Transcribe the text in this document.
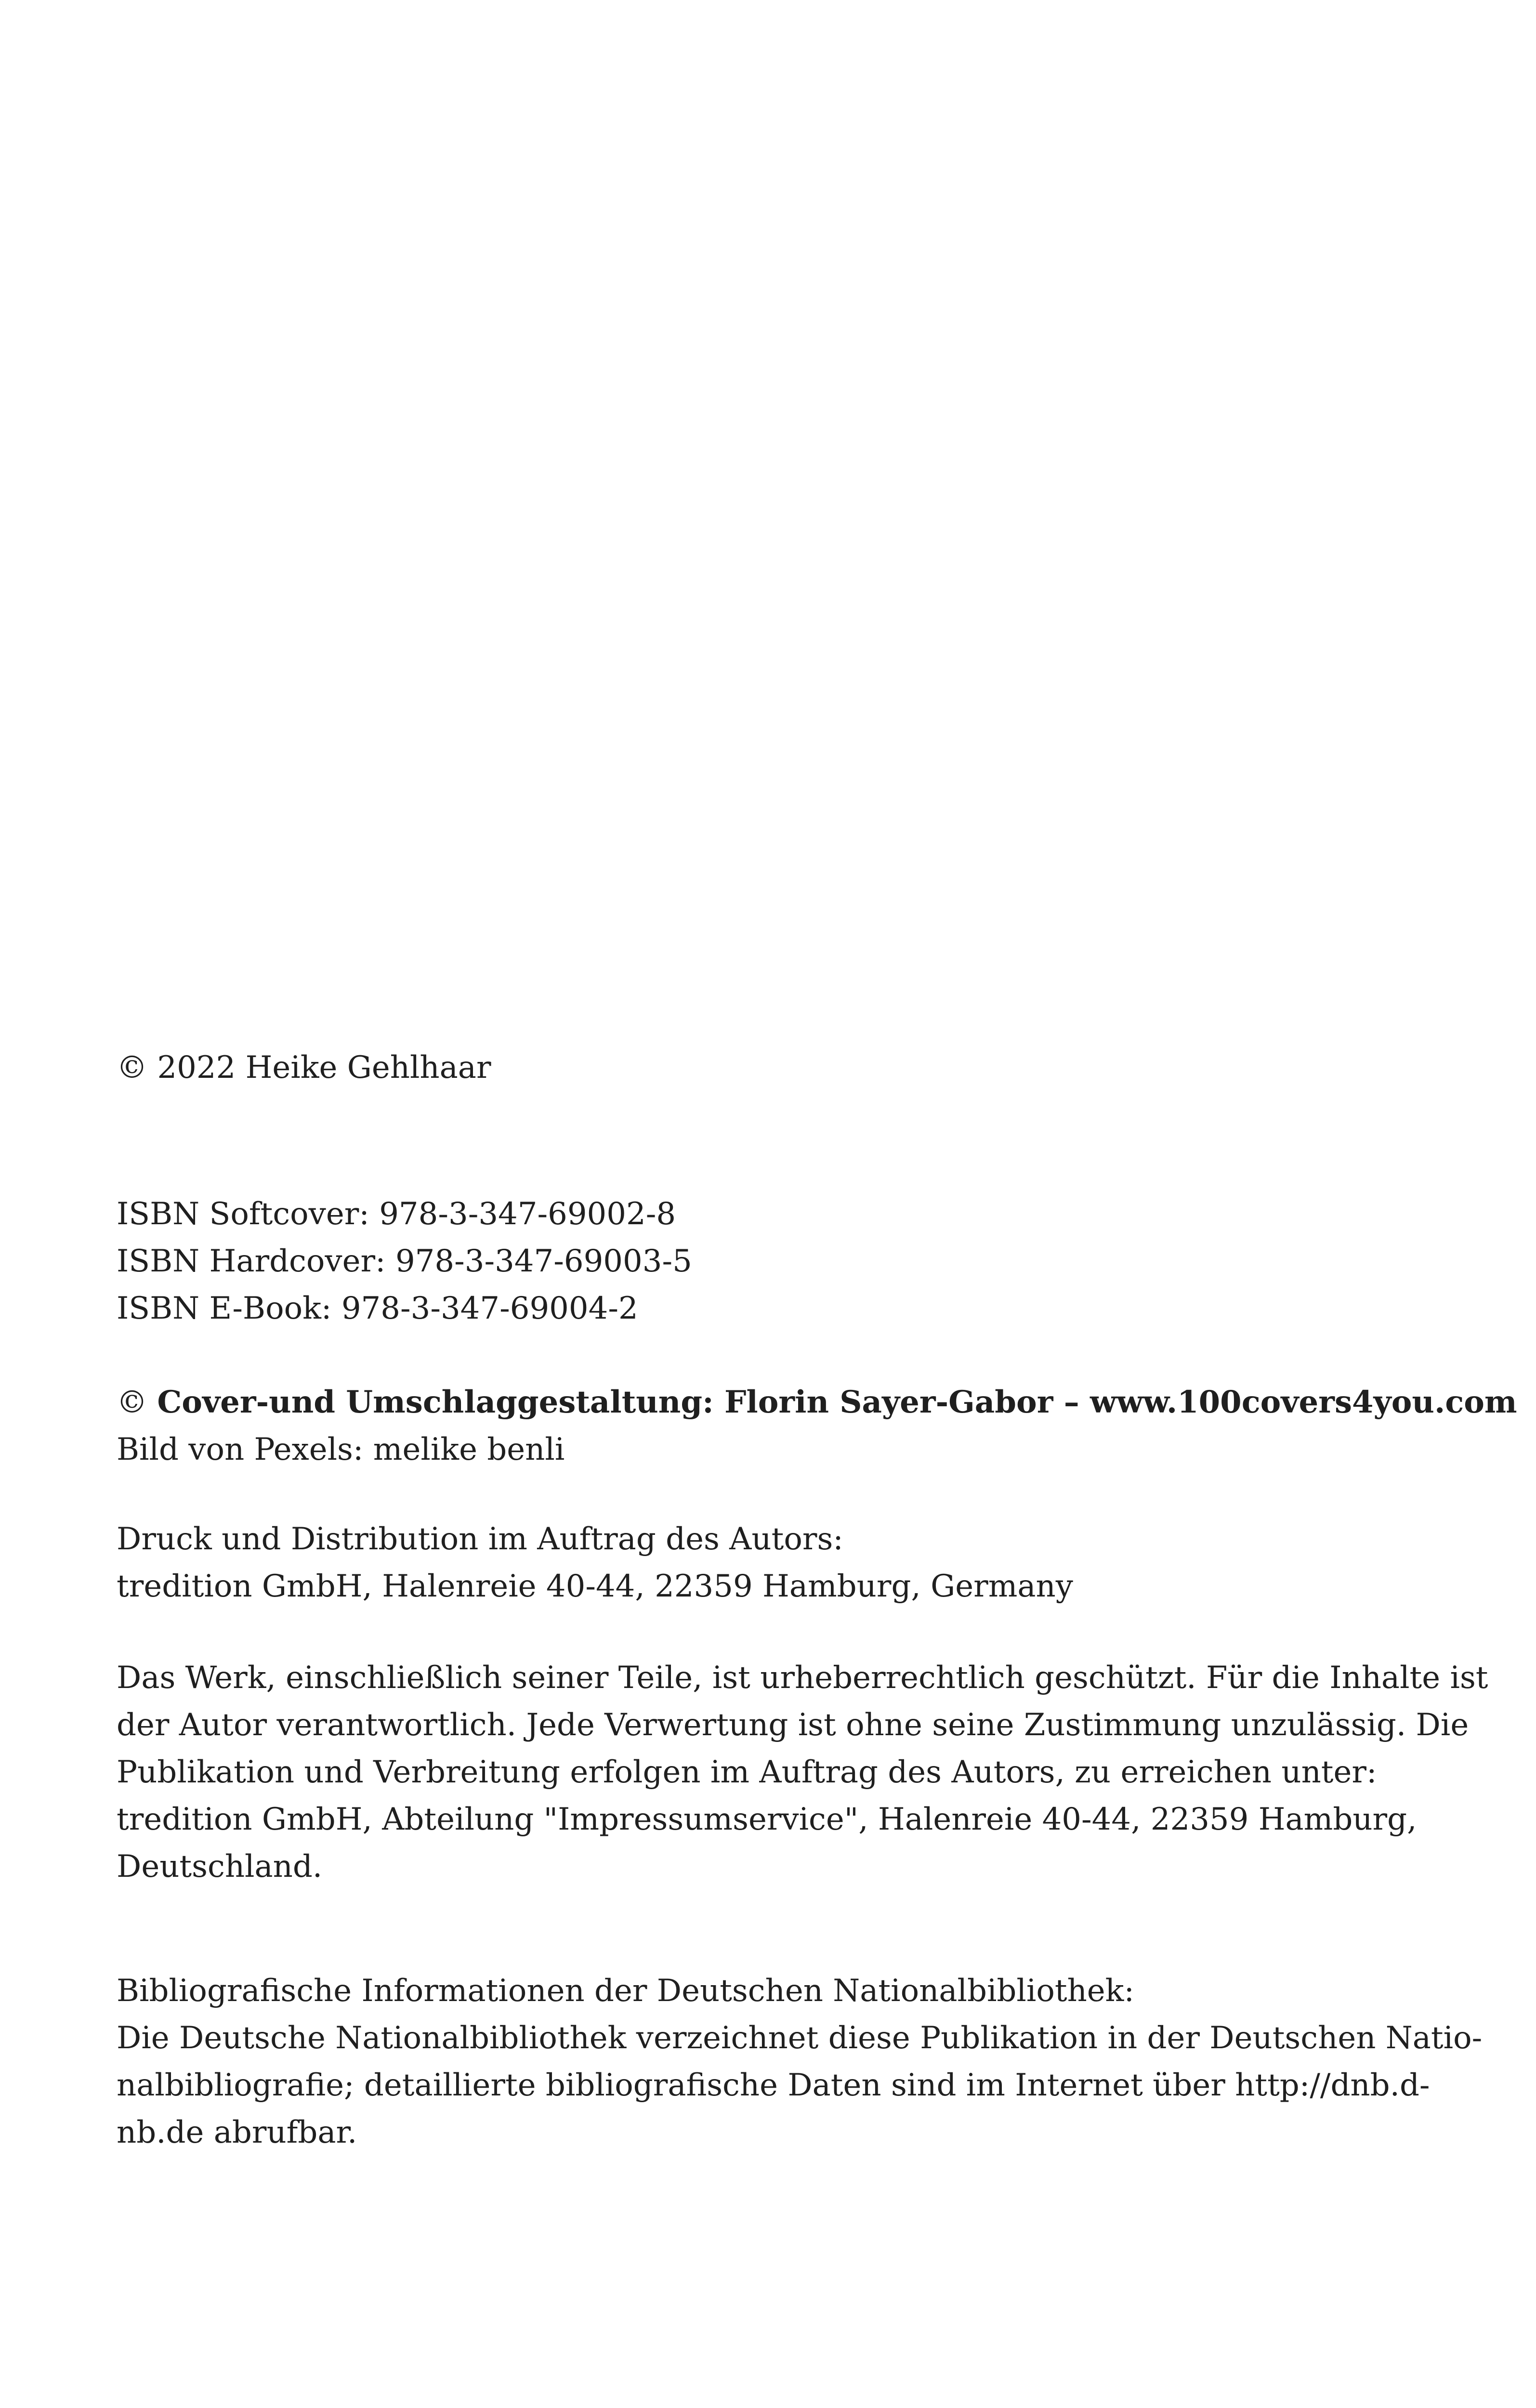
© 2022 Heike Gehlhaar
ISBN Softcover: 978-3-347-69002-8
ISBN Hardcover: 978-3-347-69003-5
ISBN E-Book: 978-3-347-69004-2
© Cover-und Umschlaggestaltung: Florin Sayer-Gabor – www.100covers4you.com
Bild von Pexels: melike benli
Druck und Distribution im Auftrag des Autors:
tredition GmbH, Halenreie 40-44, 22359 Hamburg, Germany
Das Werk, einschließlich seiner Teile, ist urheberrechtlich geschützt. Für die Inhalte ist
der Autor verantwortlich. Jede Verwertung ist ohne seine Zustimmung unzulässig. Die
Publikation und Verbreitung erfolgen im Auftrag des Autors, zu erreichen unter:
tredition GmbH, Abteilung "Impressumservice", Halenreie 40-44, 22359 Hamburg,
Deutschland.
Bibliografische Informationen der Deutschen Nationalbibliothek:
Die Deutsche Nationalbibliothek verzeichnet diese Publikation in der Deutschen Natio-
nalbibliografie; detaillierte bibliografische Daten sind im Internet über http://dnb.d-
nb.de abrufbar.
